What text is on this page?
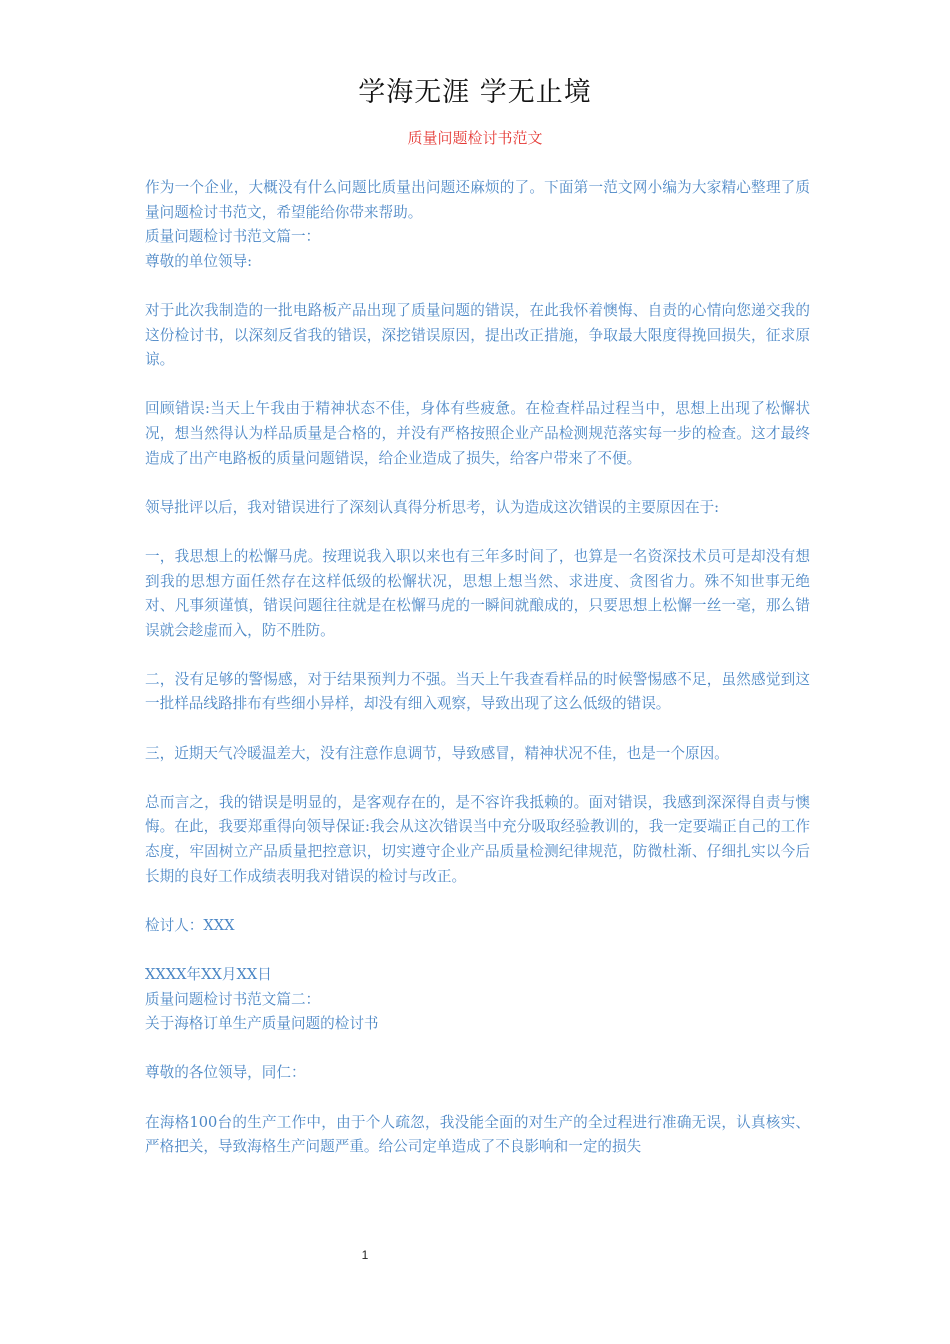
学海无涯 学无止境
质量问题检讨书范文

作为一个企业，大概没有什么问题比质量出问题还麻烦的了。下面第一范文网小编为大家精心整理了质量问题检讨书范文，希望能给你带来帮助。

质量问题检讨书范文篇一：

尊敬的单位领导:

对于此次我制造的一批电路板产品出现了质量问题的错误，在此我怀着懊悔、自责的心情向您递交我的这份检讨书，以深刻反省我的错误，深挖错误原因，提出改正措施，争取最大限度得挽回损失，征求原谅。

回顾错误:当天上午我由于精神状态不佳，身体有些疲惫。在检查样品过程当中，思想上出现了松懈状况，想当然得认为样品质量是合格的，并没有严格按照企业产品检测规范落实每一步的检查。这才最终造成了出产电路板的质量问题错误，给企业造成了损失，给客户带来了不便。

领导批评以后，我对错误进行了深刻认真得分析思考，认为造成这次错误的主要原因在于:

一，我思想上的松懈马虎。按理说我入职以来也有三年多时间了，也算是一名资深技术员可是却没有想到我的思想方面任然存在这样低级的松懈状况，思想上想当然、求进度、贪图省力。殊不知世事无绝对、凡事须谨慎，错误问题往往就是在松懈马虎的一瞬间就酿成的，只要思想上松懈一丝一毫，那么错误就会趁虚而入，防不胜防。

二，没有足够的警惕感，对于结果预判力不强。当天上午我查看样品的时候警惕感不足，虽然感觉到这一批样品线路排布有些细小异样，却没有细入观察，导致出现了这么低级的错误。

三，近期天气冷暖温差大，没有注意作息调节，导致感冒，精神状况不佳，也是一个原因。

总而言之，我的错误是明显的，是客观存在的，是不容许我抵赖的。面对错误，我感到深深得自责与懊悔。在此，我要郑重得向领导保证:我会从这次错误当中充分吸取经验教训的，我一定要端正自己的工作态度，牢固树立产品质量把控意识，切实遵守企业产品质量检测纪律规范，防微杜渐、仔细扎实以今后长期的良好工作成绩表明我对错误的检讨与改正。

检讨人：XXX

XXXX年XX月XX日

质量问题检讨书范文篇二：

关于海格订单生产质量问题的检讨书

尊敬的各位领导，同仁：

在海格100台的生产工作中，由于个人疏忽，我没能全面的对生产的全过程进行准确无误，认真核实、严格把关，导致海格生产问题严重。给公司定单造成了不良影响和一定的损失

1
